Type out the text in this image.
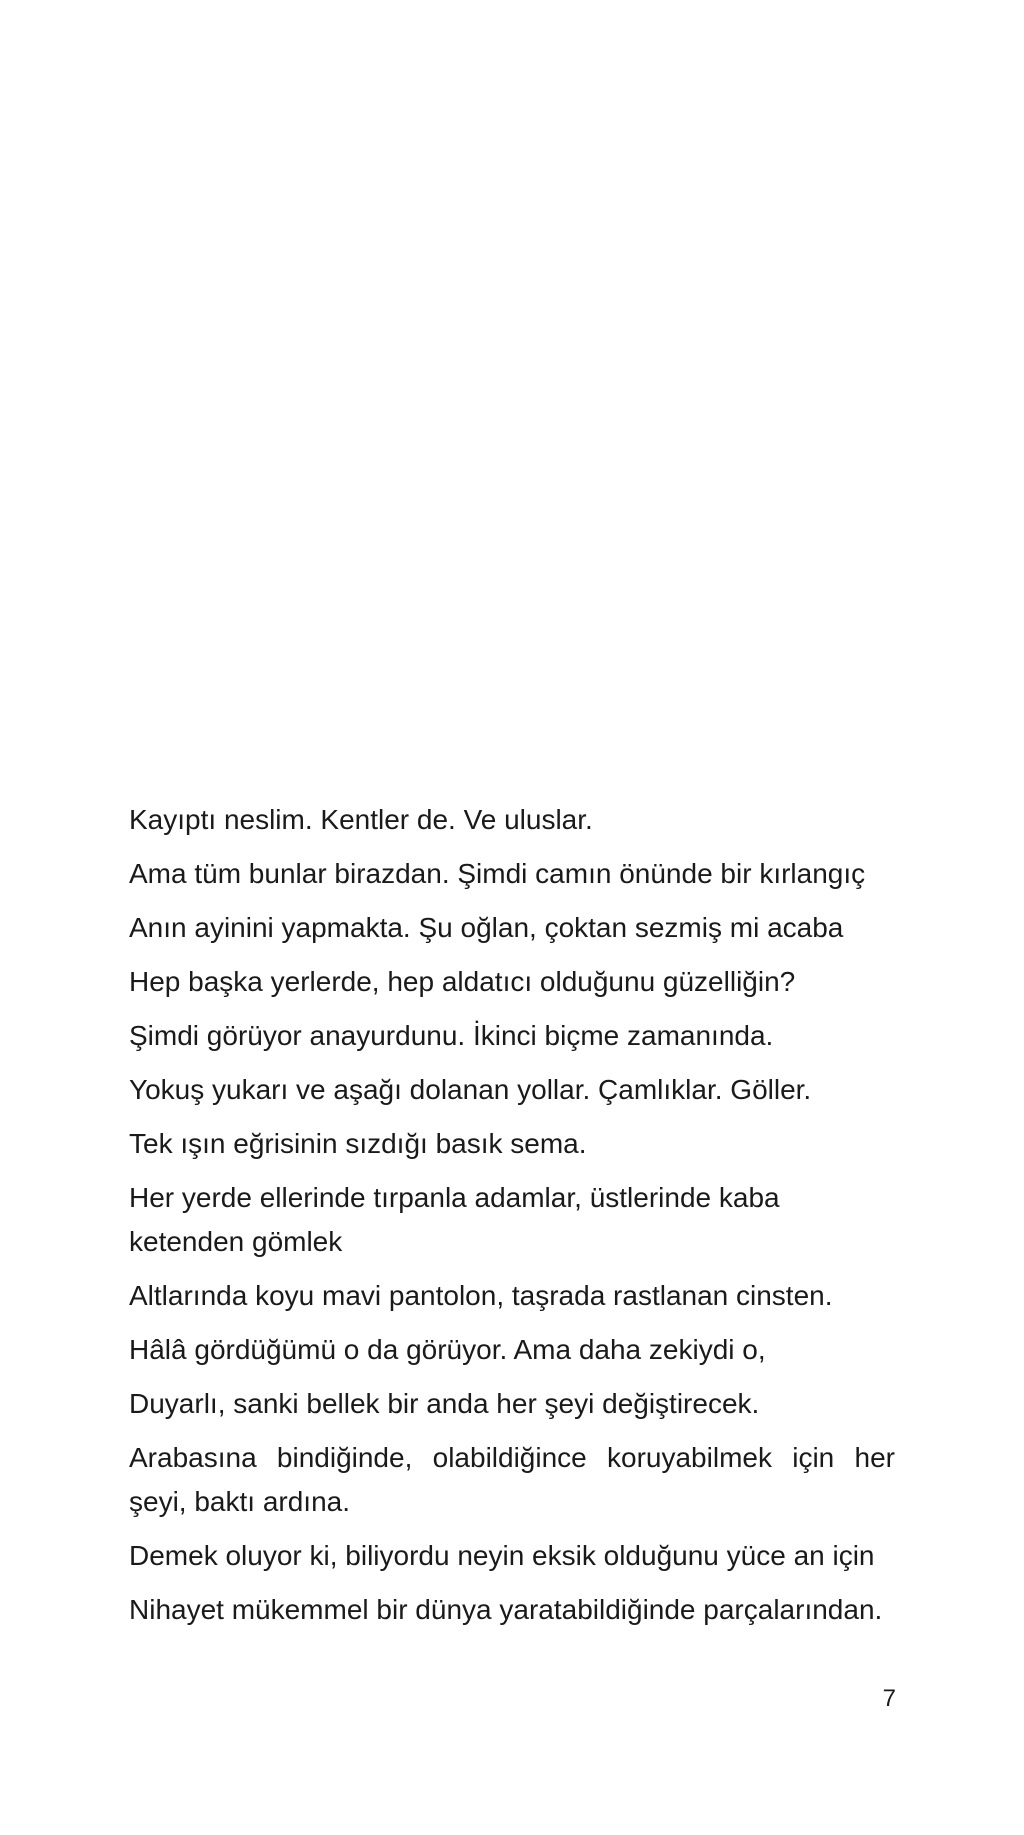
Kayıptı neslim. Kentler de. Ve uluslar.

Ama tüm bunlar birazdan. Şimdi camın önünde bir kırlangıç

Anın ayinini yapmakta. Şu oğlan, çoktan sezmiş mi acaba

Hep başka yerlerde, hep aldatıcı olduğunu güzelliğin?

Şimdi görüyor anayurdunu. İkinci biçme zamanında.

Yokuş yukarı ve aşağı dolanan yollar. Çamlıklar. Göller.

Tek ışın eğrisinin sızdığı basık sema.

Her yerde ellerinde tırpanla adamlar, üstlerinde kaba ketenden gömlek

Altlarında koyu mavi pantolon, taşrada rastlanan cinsten.

Hâlâ gördüğümü o da görüyor. Ama daha zekiydi o,

Duyarlı, sanki bellek bir anda her şeyi değiştirecek.

Arabasına bindiğinde, olabildiğince koruyabilmek için her şeyi, baktı ardına.

Demek oluyor ki, biliyordu neyin eksik olduğunu yüce an için

Nihayet mükemmel bir dünya yaratabildiğinde parçalarından.

7
